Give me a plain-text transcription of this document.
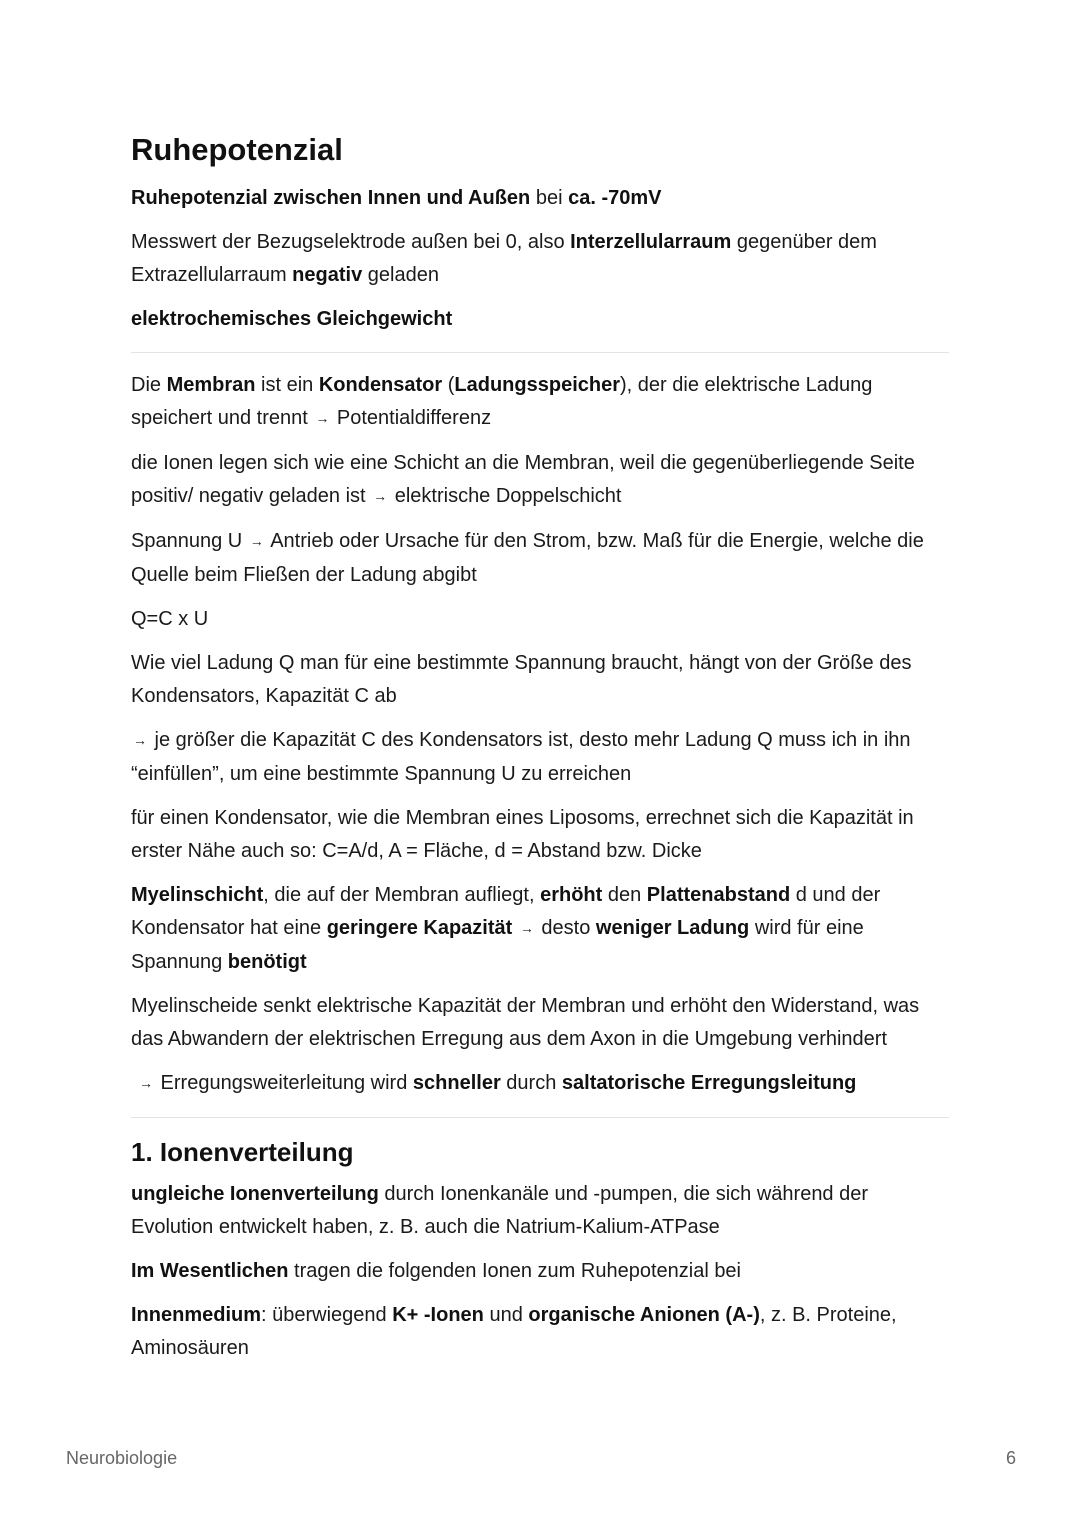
Ruhepotenzial

Ruhepotenzial zwischen Innen und Außen bei ca. -70mV

Messwert der Bezugselektrode außen bei 0, also Interzellularraum gegenüber dem Extrazellularraum negativ geladen

elektrochemisches Gleichgewicht

Die Membran ist ein Kondensator (Ladungsspeicher), der die elektrische Ladung speichert und trennt → Potentialdifferenz

die Ionen legen sich wie eine Schicht an die Membran, weil die gegenüberliegende Seite positiv/ negativ geladen ist → elektrische Doppelschicht

Spannung U → Antrieb oder Ursache für den Strom, bzw. Maß für die Energie, welche die Quelle beim Fließen der Ladung abgibt

Q=C x U

Wie viel Ladung Q man für eine bestimmte Spannung braucht, hängt von der Größe des Kondensators, Kapazität C ab

→ je größer die Kapazität C des Kondensators ist, desto mehr Ladung Q muss ich in ihn “einfüllen”, um eine bestimmte Spannung U zu erreichen

für einen Kondensator, wie die Membran eines Liposoms, errechnet sich die Kapazität in erster Nähe auch so: C=A/d, A = Fläche, d = Abstand bzw. Dicke

Myelinschicht, die auf der Membran aufliegt, erhöht den Plattenabstand d und der Kondensator hat eine geringere Kapazität → desto weniger Ladung wird für eine Spannung benötigt

Myelinscheide senkt elektrische Kapazität der Membran und erhöht den Widerstand, was das Abwandern der elektrischen Erregung aus dem Axon in die Umgebung verhindert

→ Erregungsweiterleitung wird schneller durch saltatorische Erregungsleitung

1. Ionenverteilung

ungleiche Ionenverteilung durch Ionenkanäle und -pumpen, die sich während der Evolution entwickelt haben, z. B. auch die Natrium-Kalium-ATPase

Im Wesentlichen tragen die folgenden Ionen zum Ruhepotenzial bei

Innenmedium: überwiegend K+ -Ionen und organische Anionen (A-), z. B. Proteine, Aminosäuren

Neurobiologie	6
